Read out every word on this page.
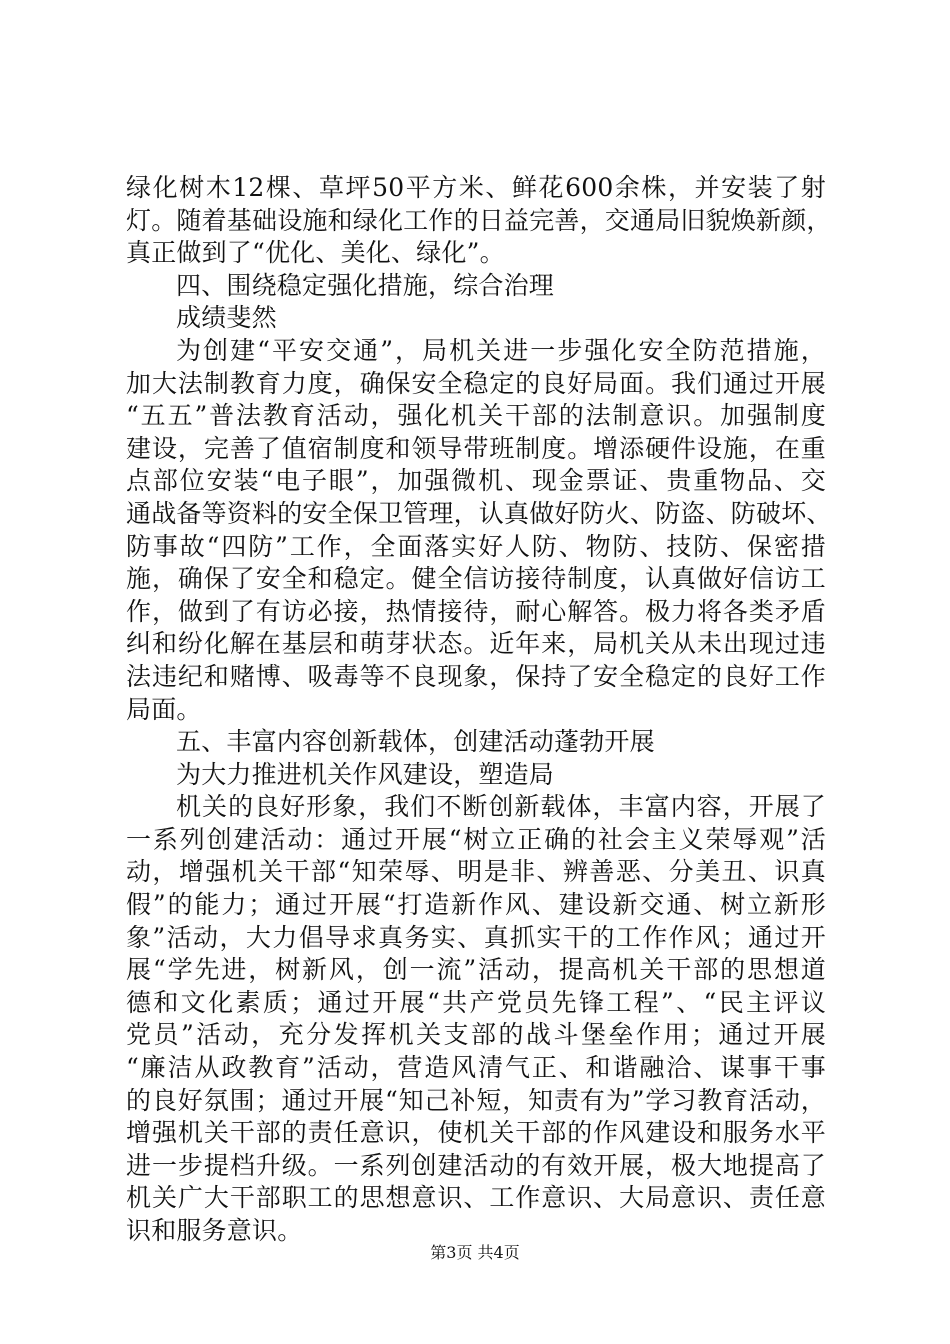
绿化树木12棵、草坪50平方米、鲜花600余株，并安装了射
灯。随着基础设施和绿化工作的日益完善，交通局旧貌焕新颜，
真正做到了“优化、美化、绿化”。
四、围绕稳定强化措施，综合治理
成绩斐然
为创建“平安交通”，局机关进一步强化安全防范措施，
加大法制教育力度，确保安全稳定的良好局面。我们通过开展
“五五”普法教育活动，强化机关干部的法制意识。加强制度
建设，完善了值宿制度和领导带班制度。增添硬件设施，在重
点部位安装“电子眼”，加强微机、现金票证、贵重物品、交
通战备等资料的安全保卫管理，认真做好防火、防盗、防破坏、
防事故“四防”工作，全面落实好人防、物防、技防、保密措
施，确保了安全和稳定。健全信访接待制度，认真做好信访工
作，做到了有访必接，热情接待，耐心解答。极力将各类矛盾
纠和纷化解在基层和萌芽状态。近年来，局机关从未出现过违
法违纪和赌博、吸毒等不良现象，保持了安全稳定的良好工作
局面。
五、丰富内容创新载体，创建活动蓬勃开展
为大力推进机关作风建设，塑造局
机关的良好形象，我们不断创新载体，丰富内容，开展了
一系列创建活动：通过开展“树立正确的社会主义荣辱观”活
动，增强机关干部“知荣辱、明是非、辨善恶、分美丑、识真
假”的能力；通过开展“打造新作风、建设新交通、树立新形
象”活动，大力倡导求真务实、真抓实干的工作作风；通过开
展“学先进，树新风，创一流”活动，提高机关干部的思想道
德和文化素质；通过开展“共产党员先锋工程”、“民主评议
党员”活动，充分发挥机关支部的战斗堡垒作用；通过开展
“廉洁从政教育”活动，营造风清气正、和谐融洽、谋事干事
的良好氛围；通过开展“知己补短，知责有为”学习教育活动，
增强机关干部的责任意识，使机关干部的作风建设和服务水平
进一步提档升级。一系列创建活动的有效开展，极大地提高了
机关广大干部职工的思想意识、工作意识、大局意识、责任意
识和服务意识。
第3页 共4页
